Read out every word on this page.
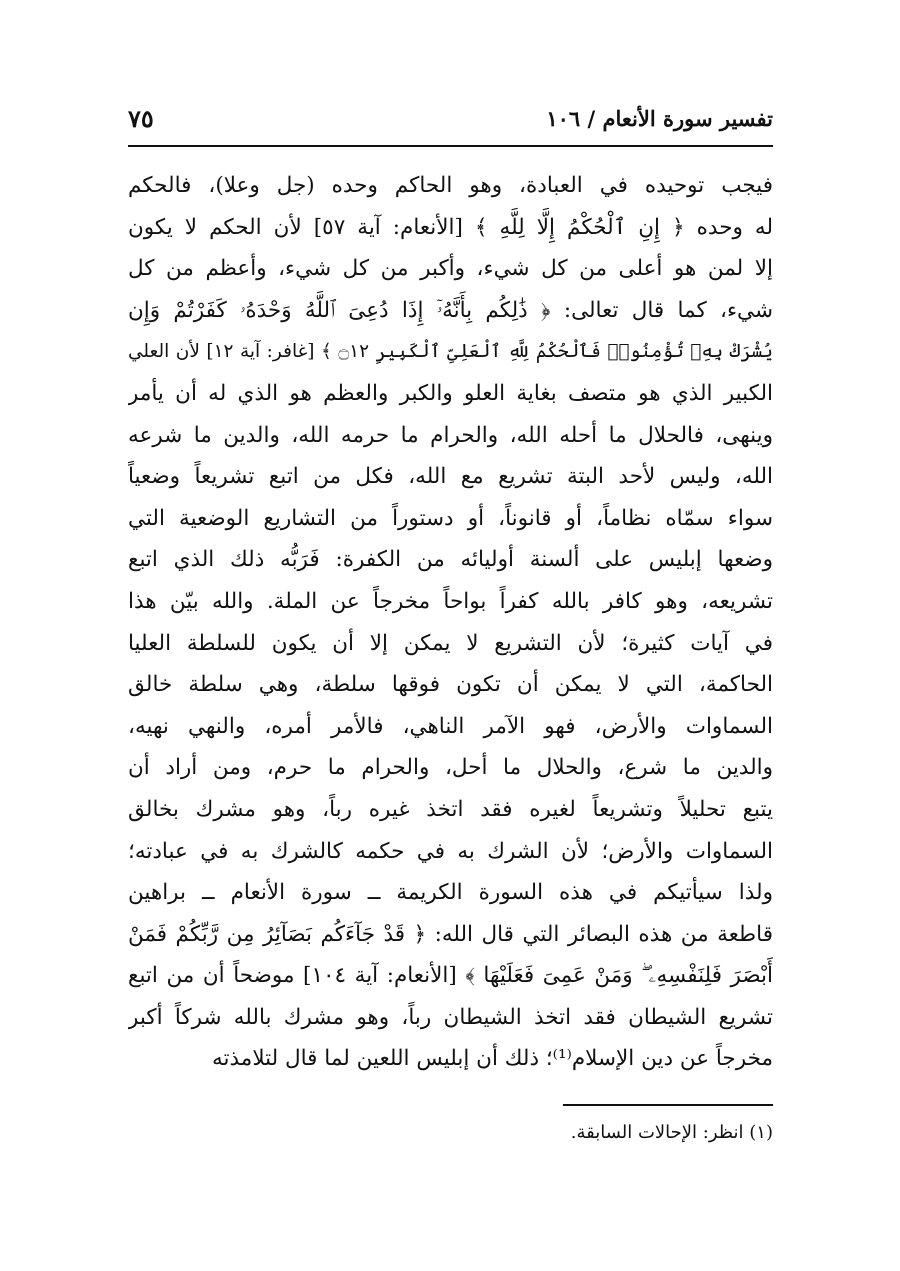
تفسير سورة الأنعام / ١٠٦
٧٥
فيجب توحيده في العبادة، وهو الحاكم وحده (جل وعلا)، فالحكم
له وحده ﴿ إِنِ ٱلْحُكْمُ إِلَّا لِلَّهِ ﴾ [الأنعام: آية ٥٧] لأن الحكم لا يكون
إلا لمن هو أعلى من كل شيء، وأكبر من كل شيء، وأعظم من كل
شيء، كما قال تعالى: ﴿ ذَٰلِكُم بِأَنَّهُۥٓ إِذَا دُعِىَ ٱللَّهُ وَحْدَهُۥ كَفَرْتُمْ وَإِن
يُشْرَكْ بِهِۦ تُؤْمِنُوا۟ فَٱلْحُكْمُ لِلَّهِ ٱلْعَلِىِّ ٱلْكَبِيرِ ۝١٢ ﴾ [غافر: آية ١٢] لأن العلي
الكبير الذي هو متصف بغاية العلو والكبر والعظم هو الذي له أن يأمر
وينهى، فالحلال ما أحله الله، والحرام ما حرمه الله، والدين ما شرعه
الله، وليس لأحد البتة تشريع مع الله، فكل من اتبع تشريعاً وضعياً
سواء سمّاه نظاماً، أو قانوناً، أو دستوراً من التشاريع الوضعية التي
وضعها إبليس على ألسنة أوليائه من الكفرة: فَرَبُّه ذلك الذي اتبع
تشريعه، وهو كافر بالله كفراً بواحاً مخرجاً عن الملة. والله بيّن هذا
في آيات كثيرة؛ لأن التشريع لا يمكن إلا أن يكون للسلطة العليا
الحاكمة، التي لا يمكن أن تكون فوقها سلطة، وهي سلطة خالق
السماوات والأرض، فهو الآمر الناهي، فالأمر أمره، والنهي نهيه،
والدين ما شرع، والحلال ما أحل، والحرام ما حرم، ومن أراد أن
يتبع تحليلاً وتشريعاً لغيره فقد اتخذ غيره رباً، وهو مشرك بخالق
السماوات والأرض؛ لأن الشرك به في حكمه كالشرك به في عبادته؛
ولذا سيأتيكم في هذه السورة الكريمة ــ سورة الأنعام ــ براهين
قاطعة من هذه البصائر التي قال الله: ﴿ قَدْ جَآءَكُم بَصَآئِرُ مِن رَّبِّكُمْ فَمَنْ
أَبْصَرَ فَلِنَفْسِهِۦ ۖ وَمَنْ عَمِىَ فَعَلَيْهَا ﴾ [الأنعام: آية ١٠٤] موضحاً أن من اتبع
تشريع الشيطان فقد اتخذ الشيطان رباً، وهو مشرك بالله شركاً أكبر
مخرجاً عن دين الإسلام⁽¹⁾؛ ذلك أن إبليس اللعين لما قال لتلامذته
(١) انظر: الإحالات السابقة.
